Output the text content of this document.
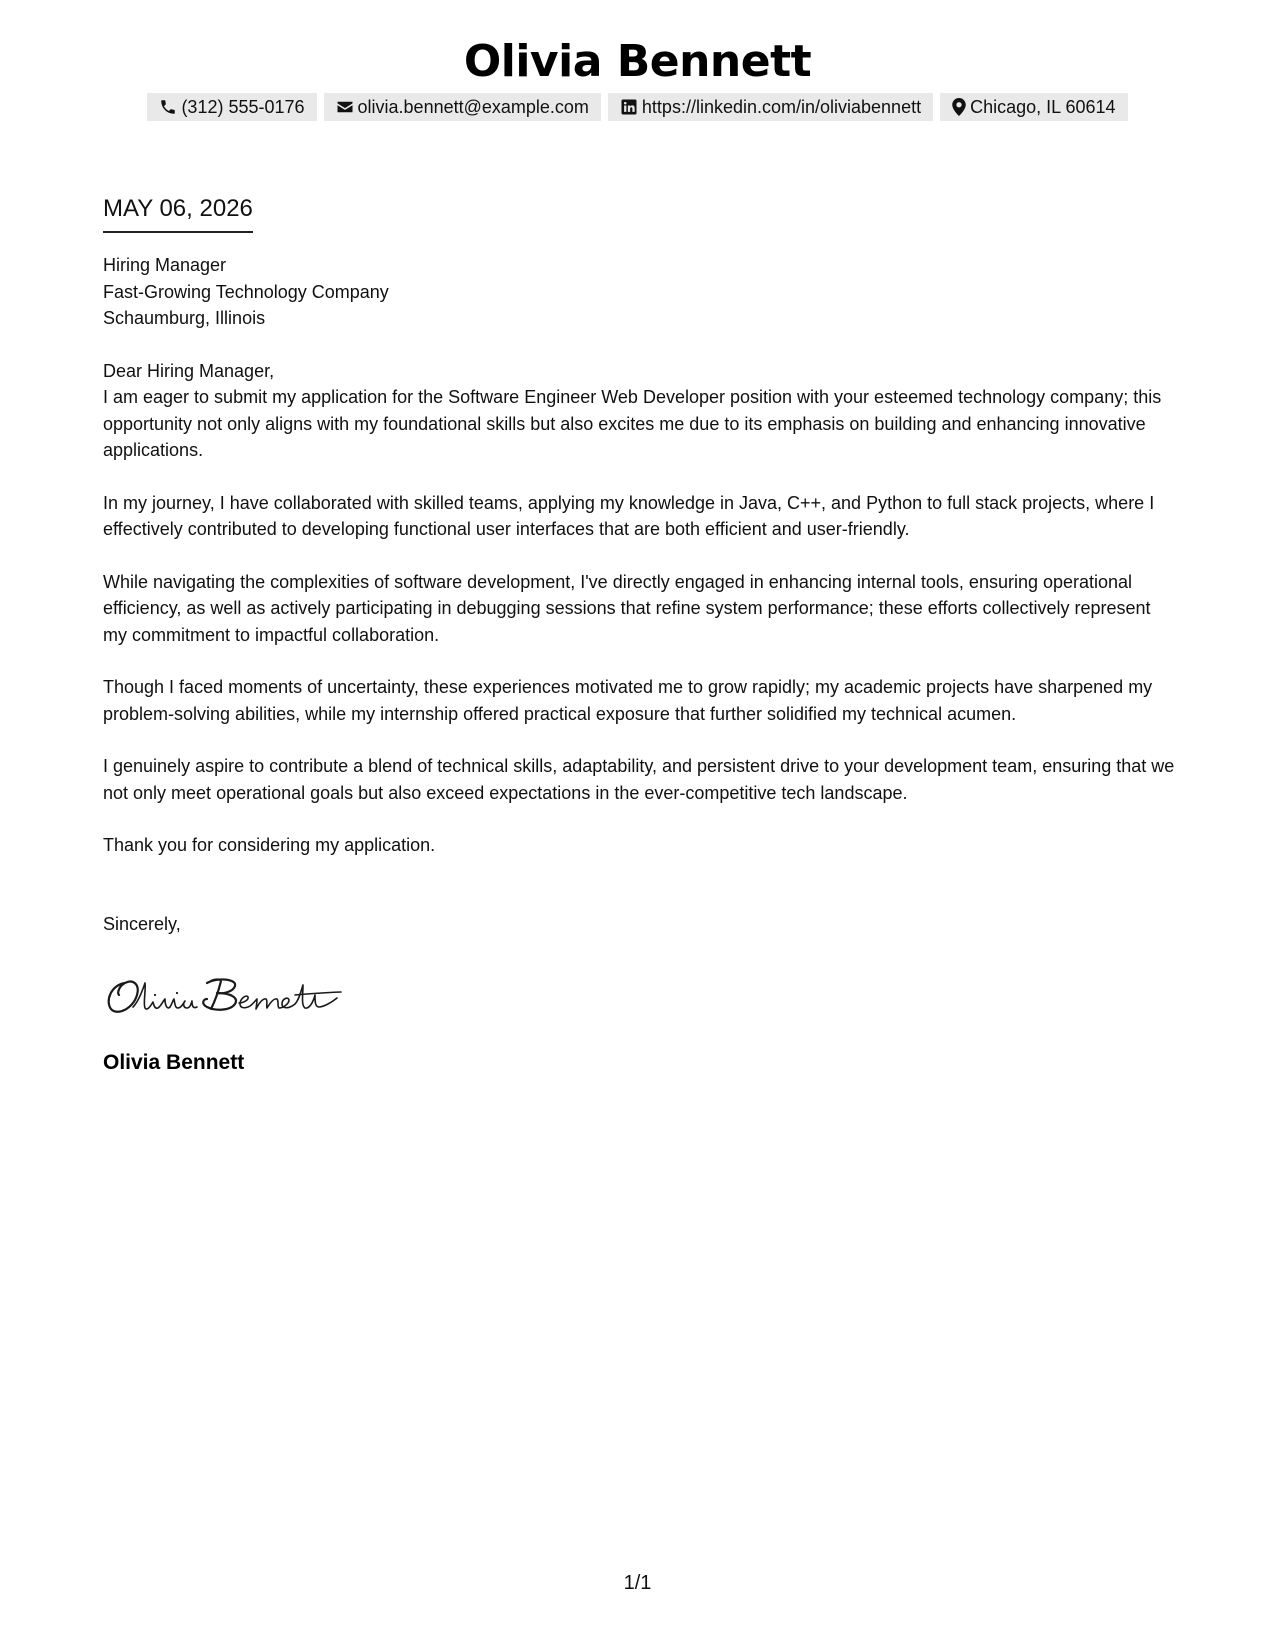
Olivia Bennett
(312) 555-0176	olivia.bennett@example.com	https://linkedin.com/in/oliviabennett	Chicago, IL 60614
MAY 06, 2026

Hiring Manager

Fast-Growing Technology Company

Schaumburg, Illinois

Dear Hiring Manager,

I am eager to submit my application for the Software Engineer Web Developer position with your esteemed technology company; this opportunity not only aligns with my foundational skills but also excites me due to its emphasis on building and enhancing innovative applications.

In my journey, I have collaborated with skilled teams, applying my knowledge in Java, C++, and Python to full stack projects, where I effectively contributed to developing functional user interfaces that are both efficient and user-friendly.

While navigating the complexities of software development, I've directly engaged in enhancing internal tools, ensuring operational efficiency, as well as actively participating in debugging sessions that refine system performance; these efforts collectively represent my commitment to impactful collaboration.

Though I faced moments of uncertainty, these experiences motivated me to grow rapidly; my academic projects have sharpened my problem-solving abilities, while my internship offered practical exposure that further solidified my technical acumen.

I genuinely aspire to contribute a blend of technical skills, adaptability, and persistent drive to your development team, ensuring that we not only meet operational goals but also exceed expectations in the ever-competitive tech landscape.

Thank you for considering my application.

Sincerely,

Olivia Bennett

1/1
